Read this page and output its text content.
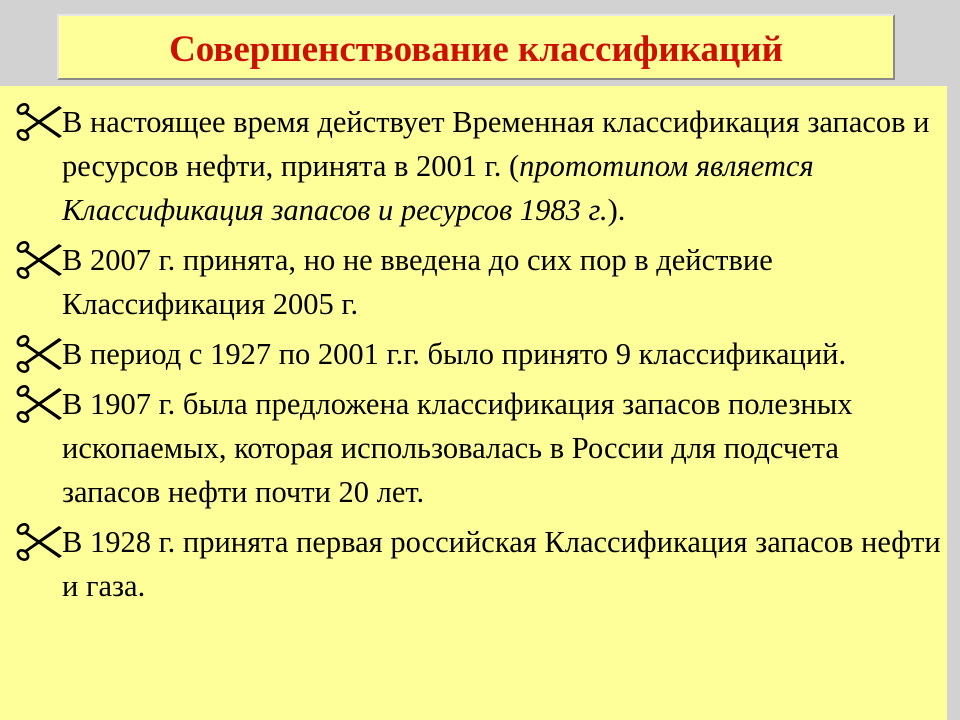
Совершенствование классификаций
В настоящее время действует Временная классификация запасов и ресурсов нефти, принята в 2001 г. (прототипом является Классификация запасов и ресурсов 1983 г.).
В 2007 г. принята, но не введена до сих пор в действие Классификация 2005 г.
В период с 1927 по 2001 г.г. было принято 9 классификаций.
В 1907 г. была предложена классификация запасов полезных ископаемых, которая использовалась в России для подсчета запасов нефти почти 20 лет.
В 1928 г. принята первая российская Классификация запасов нефти и газа.
